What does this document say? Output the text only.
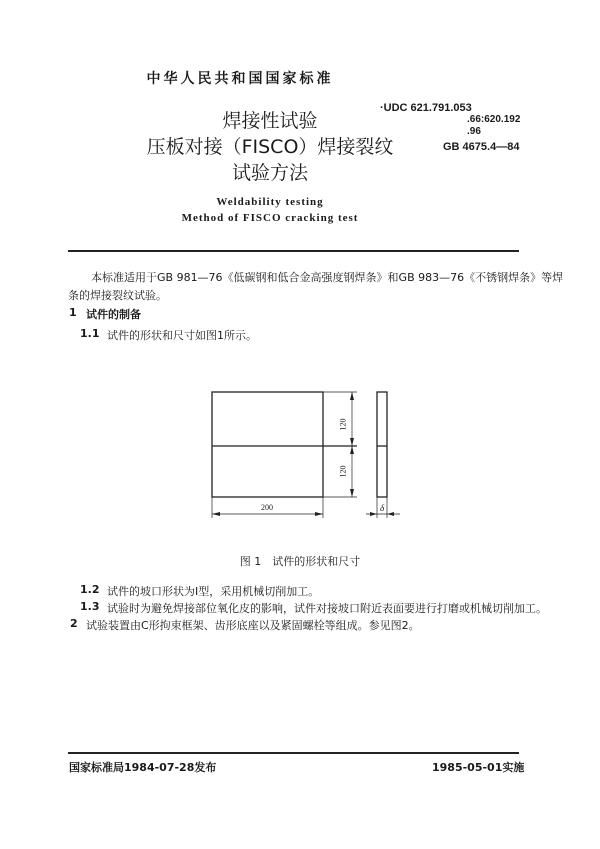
中华人民共和国国家标准
焊接性试验
压板对接（FISCO）焊接裂纹
试验方法
Weldability testing
Method of FISCO cracking test
·UDC 621.791.053
.66:620.192
.96
GB 4675.4—84
本标准适用于GB 981—76《低碳钢和低合金高强度钢焊条》和GB 983—76《不锈钢焊条》等焊
条的焊接裂纹试验。
1 试件的制备
1.1 试件的形状和尺寸如图1所示。
120
120
200	δ
图 1　试件的形状和尺寸
1.2 试件的坡口形状为I型，采用机械切削加工。
1.3 试验时为避免焊接部位氧化皮的影响，试件对接坡口附近表面要进行打磨或机械切削加工。
2 试验装置由C形拘束框架、齿形底座以及紧固螺栓等组成。参见图2。
国家标准局1984-07-28发布	1985-05-01实施
